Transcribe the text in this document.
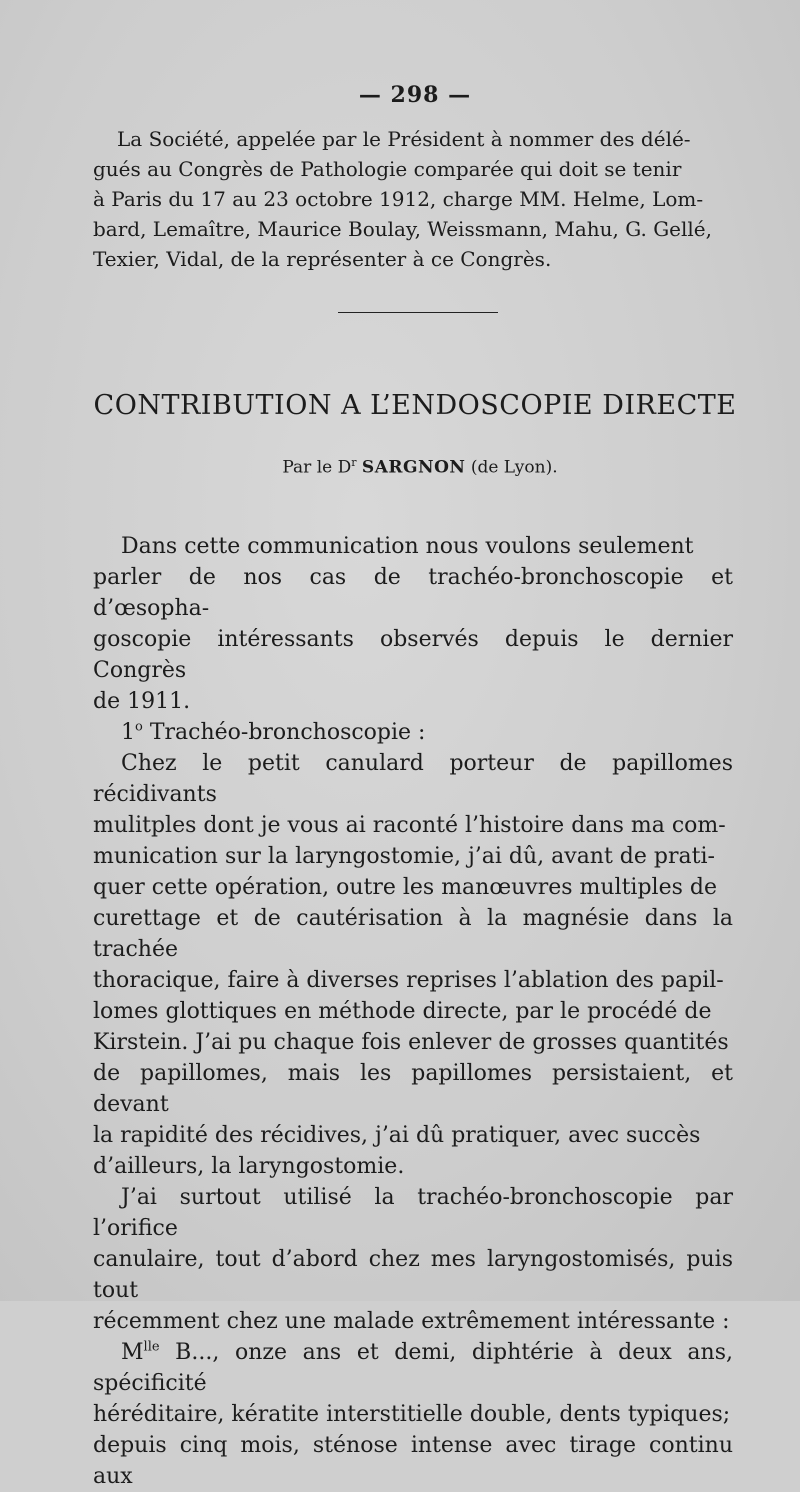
— 298 —

La Société, appelée par le Président à nommer des délé-
gués au Congrès de Pathologie comparée qui doit se tenir
à Paris du 17 au 23 octobre 1912, charge MM. Helme, Lom-
bard, Lemaître, Maurice Boulay, Weissmann, Mahu, G. Gellé,
Texier, Vidal, de la représenter à ce Congrès.

CONTRIBUTION A L’ENDOSCOPIE DIRECTE
Par le $D^r$ SARGNON (de Lyon).

Dans cette communication nous voulons seulement
parler de nos cas de trachéo-bronchoscopie et d’œsopha-
goscopie intéressants observés depuis le dernier Congrès
de 1911.

1$^o$ Trachéo-bronchoscopie :

Chez le petit canulard porteur de papillomes récidivants
mulitples dont je vous ai raconté l’histoire dans ma com-
munication sur la laryngostomie, j’ai dû, avant de prati-
quer cette opération, outre les manœuvres multiples de
curettage et de cautérisation à la magnésie dans la trachée
thoracique, faire à diverses reprises l’ablation des papil-
lomes glottiques en méthode directe, par le procédé de
Kirstein. J’ai pu chaque fois enlever de grosses quantités
de papillomes, mais les papillomes persistaient, et devant
la rapidité des récidives, j’ai dû pratiquer, avec succès
d’ailleurs, la laryngostomie.

J’ai surtout utilisé la trachéo-bronchoscopie par l’orifice
canulaire, tout d’abord chez mes laryngostomisés, puis tout
récemment chez une malade extrêmement intéressante :

$M^{lle}$ B..., onze ans et demi, diphtérie à deux ans, spécificité
héréditaire, kératite interstitielle double, dents typiques;
depuis cinq mois, sténose intense avec tirage continu aux
